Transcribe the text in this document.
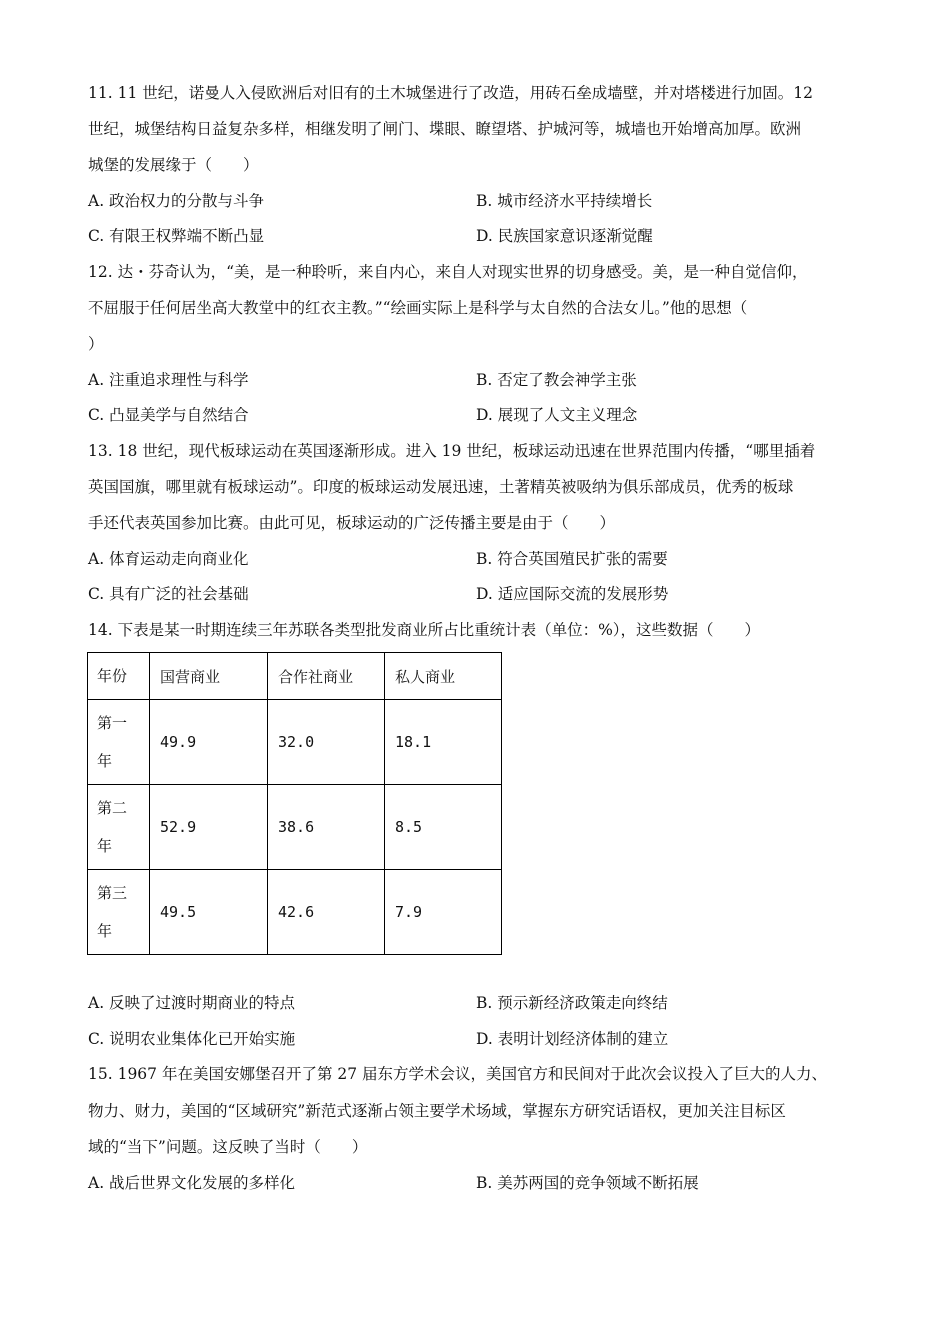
11. 11 世纪，诺曼人入侵欧洲后对旧有的土木城堡进行了改造，用砖石垒成墙壁，并对塔楼进行加固。12
世纪，城堡结构日益复杂多样，相继发明了闸门、堞眼、瞭望塔、护城河等，城墙也开始增高加厚。欧洲
城堡的发展缘于（　　）
A. 政治权力的分散与斗争	B. 城市经济水平持续增长
C. 有限王权弊端不断凸显	D. 民族国家意识逐渐觉醒
12. 达・芬奇认为，“美，是一种聆听，来自内心，来自人对现实世界的切身感受。美，是一种自觉信仰，
不屈服于任何居坐高大教堂中的红衣主教。”“绘画实际上是科学与太自然的合法女儿。”他的思想（
）
A. 注重追求理性与科学	B. 否定了教会神学主张
C. 凸显美学与自然结合	D. 展现了人文主义理念
13. 18 世纪，现代板球运动在英国逐渐形成。进入 19 世纪，板球运动迅速在世界范围内传播，“哪里插着
英国国旗，哪里就有板球运动”。印度的板球运动发展迅速，土著精英被吸纳为俱乐部成员，优秀的板球
手还代表英国参加比赛。由此可见，板球运动的广泛传播主要是由于（　　）
A. 体育运动走向商业化	B. 符合英国殖民扩张的需要
C. 具有广泛的社会基础	D. 适应国际交流的发展形势
14. 下表是某一时期连续三年苏联各类型批发商业所占比重统计表（单位：%），这些数据（　　）
年份	国营商业	合作社商业	私人商业
第一
年	49.9	32.0	18.1
第二
年	52.9	38.6	8.5
第三
年	49.5	42.6	7.9
A. 反映了过渡时期商业的特点	B. 预示新经济政策走向终结
C. 说明农业集体化已开始实施	D. 表明计划经济体制的建立
15. 1967 年在美国安娜堡召开了第 27 届东方学术会议，美国官方和民间对于此次会议投入了巨大的人力、
物力、财力，美国的“区域研究”新范式逐渐占领主要学术场域，掌握东方研究话语权，更加关注目标区
域的“当下”问题。这反映了当时（　　）
A. 战后世界文化发展的多样化	B. 美苏两国的竞争领域不断拓展
